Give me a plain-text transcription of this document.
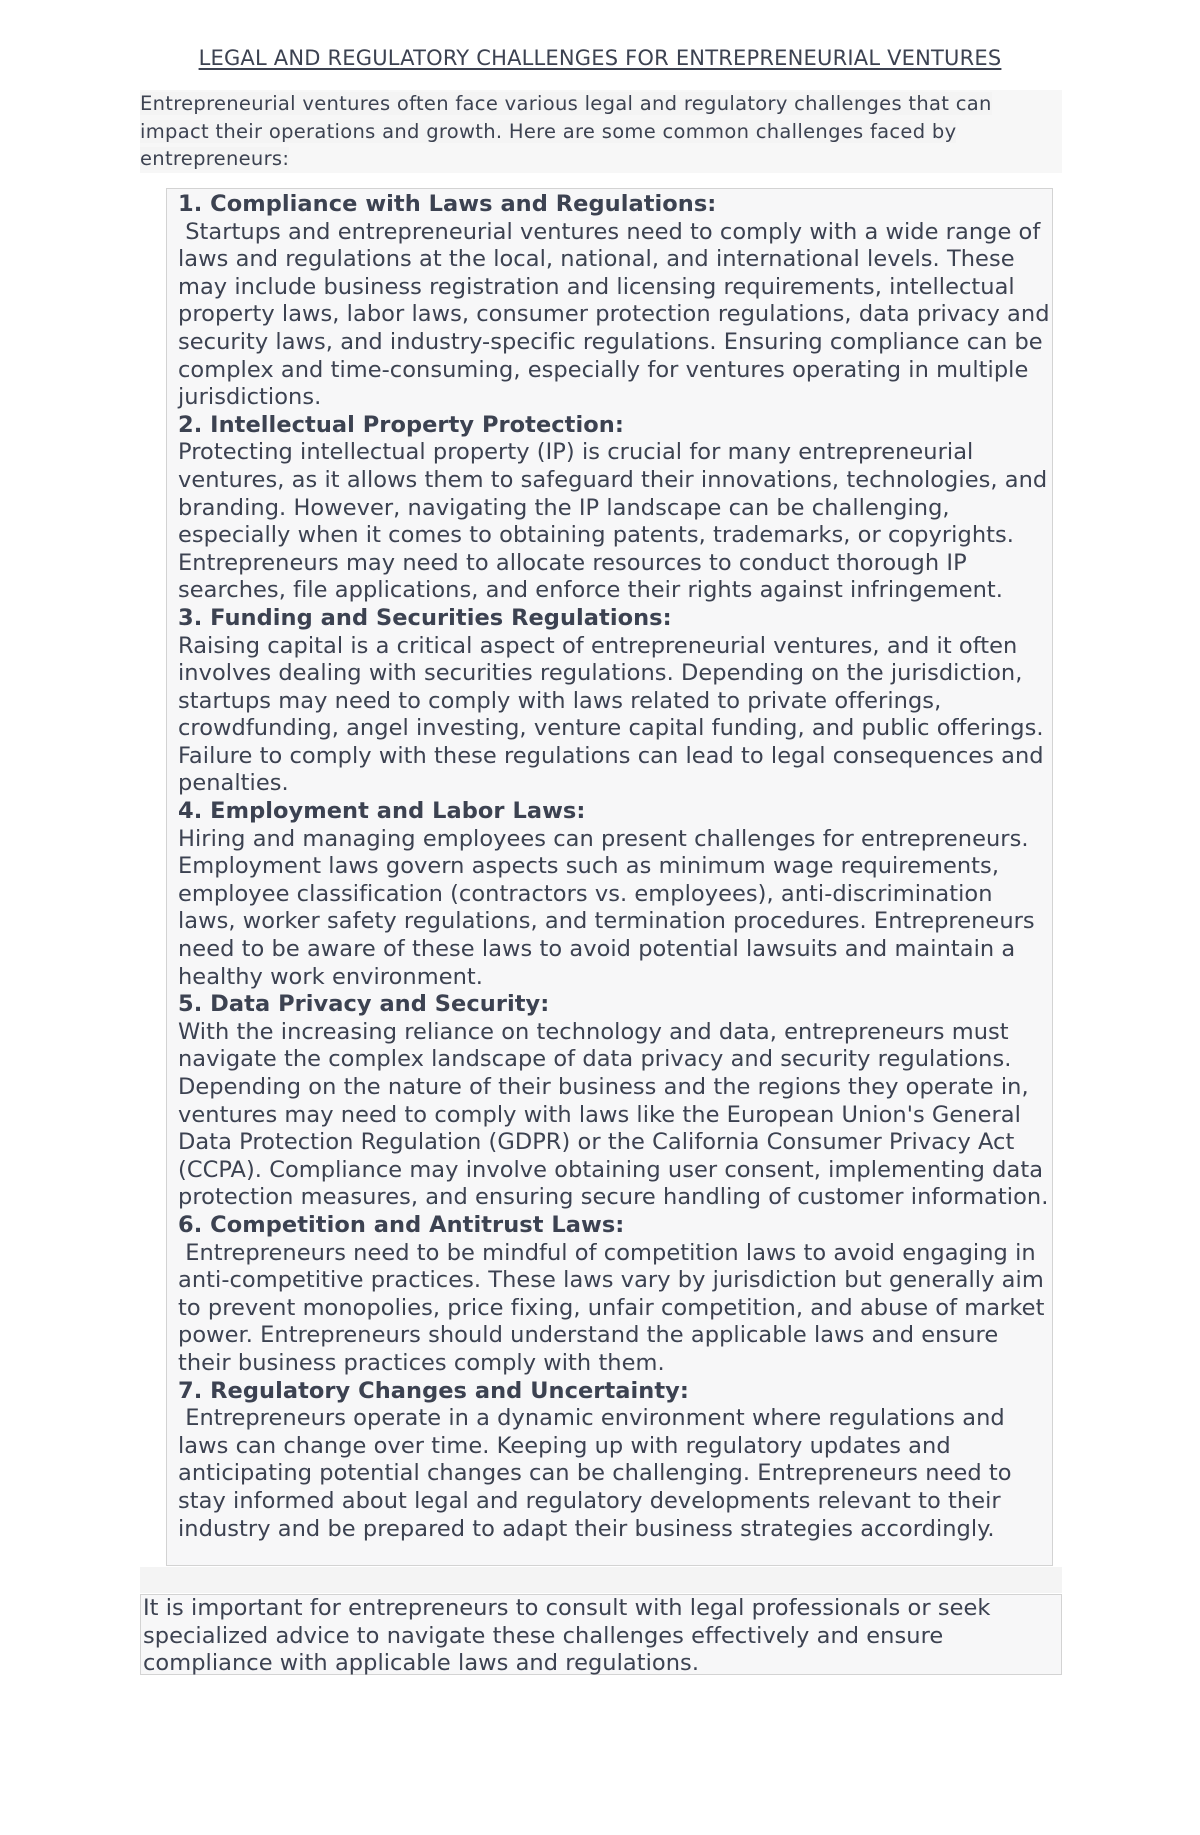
LEGAL AND REGULATORY CHALLENGES FOR ENTREPRENEURIAL VENTURES
Entrepreneurial ventures often face various legal and regulatory challenges that can impact their operations and growth. Here are some common challenges faced by entrepreneurs:
1. Compliance with Laws and Regulations:
Startups and entrepreneurial ventures need to comply with a wide range of laws and regulations at the local, national, and international levels. These may include business registration and licensing requirements, intellectual property laws, labor laws, consumer protection regulations, data privacy and security laws, and industry-specific regulations. Ensuring compliance can be complex and time-consuming, especially for ventures operating in multiple jurisdictions.
2. Intellectual Property Protection:
Protecting intellectual property (IP) is crucial for many entrepreneurial ventures, as it allows them to safeguard their innovations, technologies, and branding. However, navigating the IP landscape can be challenging, especially when it comes to obtaining patents, trademarks, or copyrights. Entrepreneurs may need to allocate resources to conduct thorough IP searches, file applications, and enforce their rights against infringement.
3. Funding and Securities Regulations:
Raising capital is a critical aspect of entrepreneurial ventures, and it often involves dealing with securities regulations. Depending on the jurisdiction, startups may need to comply with laws related to private offerings, crowdfunding, angel investing, venture capital funding, and public offerings. Failure to comply with these regulations can lead to legal consequences and penalties.
4. Employment and Labor Laws:
Hiring and managing employees can present challenges for entrepreneurs. Employment laws govern aspects such as minimum wage requirements, employee classification (contractors vs. employees), anti-discrimination laws, worker safety regulations, and termination procedures. Entrepreneurs need to be aware of these laws to avoid potential lawsuits and maintain a healthy work environment.
5. Data Privacy and Security:
With the increasing reliance on technology and data, entrepreneurs must navigate the complex landscape of data privacy and security regulations. Depending on the nature of their business and the regions they operate in, ventures may need to comply with laws like the European Union's General Data Protection Regulation (GDPR) or the California Consumer Privacy Act (CCPA). Compliance may involve obtaining user consent, implementing data protection measures, and ensuring secure handling of customer information.
6. Competition and Antitrust Laws:
Entrepreneurs need to be mindful of competition laws to avoid engaging in anti-competitive practices. These laws vary by jurisdiction but generally aim to prevent monopolies, price fixing, unfair competition, and abuse of market power. Entrepreneurs should understand the applicable laws and ensure their business practices comply with them.
7. Regulatory Changes and Uncertainty:
Entrepreneurs operate in a dynamic environment where regulations and laws can change over time. Keeping up with regulatory updates and anticipating potential changes can be challenging. Entrepreneurs need to stay informed about legal and regulatory developments relevant to their industry and be prepared to adapt their business strategies accordingly.
It is important for entrepreneurs to consult with legal professionals or seek specialized advice to navigate these challenges effectively and ensure compliance with applicable laws and regulations.
